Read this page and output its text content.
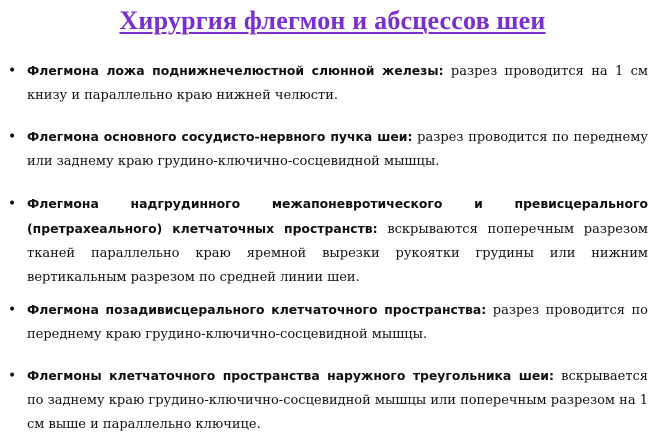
Хирургия флегмон и абсцессов шеи
• Флегмона ложа поднижнечелюстной слюнной железы: разрез проводится на 1 см книзу и параллельно краю нижней челюсти.
• Флегмона основного сосудисто-нервного пучка шеи: разрез проводится по переднему или заднему краю грудино-ключично-сосцевидной мышцы.
• Флегмона надгрудинного межапоневротического и превисцерального (претрахеального) клетчаточных пространств: вскрываются поперечным разрезом тканей параллельно краю яремной вырезки рукоятки грудины или нижним вертикальным разрезом по средней линии шеи.
• Флегмона позадивисцерального клетчаточного пространства: разрез проводится по переднему краю грудино-ключично-сосцевидной мышцы.
• Флегмоны клетчаточного пространства наружного треугольника шеи: вскрывается по заднему краю грудино-ключично-сосцевидной мышцы или поперечным разрезом на 1 см выше и параллельно ключице.
